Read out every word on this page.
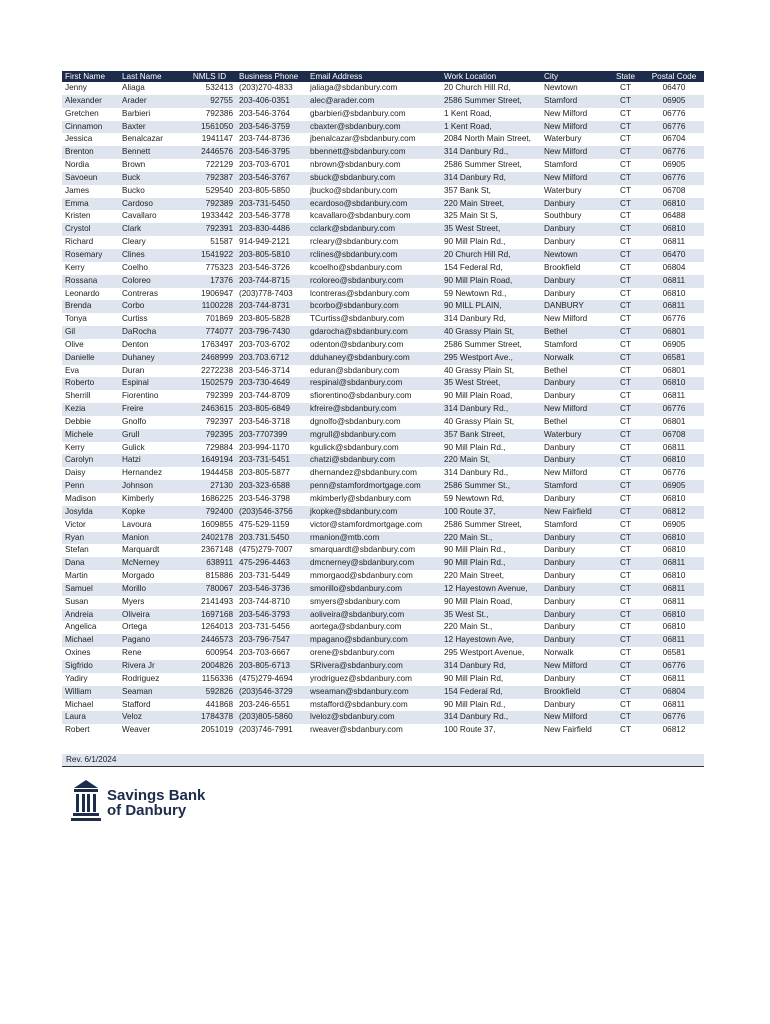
First Name	Last Name	NMLS ID	Business Phone	Email Address	Work Location	City	State	Postal Code
Jenny	Aliaga	532413	(203)270-4833	jaliaga@sbdanbury.com	20 Church Hill Rd,	Newtown	CT	06470
Alexander	Arader	92755	203-406-0351	alec@arader.com	2586 Summer Street,	Stamford	CT	06905
Gretchen	Barbieri	792386	203-546-3764	gbarbieri@sbdanbury.com	1 Kent Road,	New Milford	CT	06776
Cinnamon	Baxter	1561050	203-546-3759	cbaxter@sbdanbury.com	1 Kent Road,	New Milford	CT	06776
Jessica	Benalcazar	1941147	203-744-8736	jbenalcazar@sbdanbury.com	2084 North Main Street,	Waterbury	CT	06704
Brenton	Bennett	2446576	203-546-3795	bbennett@sbdanbury.com	314 Danbury Rd.,	New Milford	CT	06776
Nordia	Brown	722129	203-703-6701	nbrown@sbdanbury.com	2586 Summer Street,	Stamford	CT	06905
Savoeun	Buck	792387	203-546-3767	sbuck@sbdanbury.com	314 Danbury Rd,	New Milford	CT	06776
James	Bucko	529540	203-805-5850	jbucko@sbdanbury.com	357 Bank St,	Waterbury	CT	06708
Emma	Cardoso	792389	203-731-5450	ecardoso@sbdanbury.com	220 Main Street,	Danbury	CT	06810
Kristen	Cavallaro	1933442	203-546-3778	kcavallaro@sbdanbury.com	325 Main St S,	Southbury	CT	06488
Crystol	Clark	792391	203-830-4486	cclark@sbdanbury.com	35 West Street,	Danbury	CT	06810
Richard	Cleary	51587	914-949-2121	rcleary@sbdanbury.com	90 Mill Plain Rd.,	Danbury	CT	06811
Rosemary	Clines	1541922	203-805-5810	rclines@sbdanbury.com	20 Church Hill Rd,	Newtown	CT	06470
Kerry	Coelho	775323	203-546-3726	kcoelho@sbdanbury.com	154 Federal Rd,	Brookfield	CT	06804
Rossana	Coloreo	17376	203-744-8715	rcoloreo@sbdanbury.com	90 Mill Plain Road,	Danbury	CT	06811
Leonardo	Contreras	1906947	(203)778-7403	lcontreras@sbdanbury.com	59 Newtown Rd.,	Danbury	CT	06810
Brenda	Corbo	1100228	203-744-8731	bcorbo@sbdanbury.com	90 MILL PLAIN,	DANBURY	CT	06811
Tonya	Curtiss	701869	203-805-5828	TCurtiss@sbdanbury.com	314 Danbury Rd,	New Milford	CT	06776
Gil	DaRocha	774077	203-796-7430	gdarocha@sbdanbury.com	40 Grassy Plain St,	Bethel	CT	06801
Olive	Denton	1763497	203-703-6702	odenton@sbdanbury.com	2586 Summer Street,	Stamford	CT	06905
Danielle	Duhaney	2468999	203.703.6712	dduhaney@sbdanbury.com	295 Westport Ave.,	Norwalk	CT	06581
Eva	Duran	2272238	203-546-3714	eduran@sbdanbury.com	40 Grassy Plain St,	Bethel	CT	06801
Roberto	Espinal	1502579	203-730-4649	respinal@sbdanbury.com	35 West Street,	Danbury	CT	06810
Sherrill	Fiorentino	792399	203-744-8709	sfiorentino@sbdanbury.com	90 Mill Plain Road,	Danbury	CT	06811
Kezia	Freire	2463615	203-805-6849	kfreire@sbdanbury.com	314 Danbury Rd.,	New Milford	CT	06776
Debbie	Gnolfo	792397	203-546-3718	dgnolfo@sbdanbury.com	40 Grassy Plain St,	Bethel	CT	06801
Michele	Grull	792395	203-7707399	mgrull@sbdanbury.com	357 Bank Street,	Waterbury	CT	06708
Kerry	Gulick	729884	203-994-1170	kgulick@sbdanbury.com	90 Mill Plain Rd.,	Danbury	CT	06811
Carolyn	Hatzi	1649194	203-731-5451	chatzi@sbdanbury.com	220 Main St,	Danbury	CT	06810
Daisy	Hernandez	1944458	203-805-5877	dhernandez@sbdanbury.com	314 Danbury Rd.,	New Milford	CT	06776
Penn	Johnson	27130	203-323-6588	penn@stamfordmortgage.com	2586 Summer St.,	Stamford	CT	06905
Madison	Kimberly	1686225	203-546-3798	mkimberly@sbdanbury.com	59 Newtown Rd,	Danbury	CT	06810
Josylda	Kopke	792400	(203)546-3756	jkopke@sbdanbury.com	100 Route 37,	New Fairfield	CT	06812
Victor	Lavoura	1609855	475-529-1159	victor@stamfordmortgage.com	2586 Summer Street,	Stamford	CT	06905
Ryan	Manion	2402178	203.731.5450	rmanion@mtb.com	220 Main St.,	Danbury	CT	06810
Stefan	Marquardt	2367148	(475)279-7007	smarquardt@sbdanbury.com	90 Mill Plain Rd.,	Danbury	CT	06810
Dana	McNerney	638911	475-296-4463	dmcnerney@sbdanbury.com	90 Mill Plain Rd.,	Danbury	CT	06811
Martin	Morgado	815886	203-731-5449	mmorgaod@sbdanbury.com	220 Main Street,	Danbury	CT	06810
Samuel	Morillo	780067	203-546-3736	smorillo@sbdanbury.com	12 Hayestown Avenue,	Danbury	CT	06811
Susan	Myers	2141493	203-744-8710	smyers@sbdanbury.com	90 Mill Plain Road,	Danbury	CT	06811
Andreia	Oliveira	1697168	203-546-3793	aoliveira@sbdanbury.com	35 West St.,	Danbury	CT	06810
Angelica	Ortega	1264013	203-731-5456	aortega@sbdanbury.com	220 Main St.,	Danbury	CT	06810
Michael	Pagano	2446573	203-796-7547	mpagano@sbdanbury.com	12 Hayestown Ave,	Danbury	CT	06811
Oxines	Rene	600954	203-703-6667	orene@sbdanbury.com	295 Westport Avenue,	Norwalk	CT	06581
Sigfrido	Rivera Jr	2004826	203-805-6713	SRivera@sbdanbury.com	314 Danbury Rd,	New Milford	CT	06776
Yadiry	Rodriguez	1156336	(475)279-4694	yrodriguez@sbdanbury.com	90 Mill Plain Rd,	Danbury	CT	06811
William	Seaman	592826	(203)546-3729	wseaman@sbdanbury.com	154 Federal Rd,	Brookfield	CT	06804
Michael	Stafford	441868	203-246-6551	mstafford@sbdanbury.com	90 Mill Plain Rd.,	Danbury	CT	06811
Laura	Veloz	1784378	(203)805-5860	lveloz@sbdanbury.com	314 Danbury Rd.,	New Milford	CT	06776
Robert	Weaver	2051019	(203)746-7991	rweaver@sbdanbury.com	100 Route 37,	New Fairfield	CT	06812
Rev. 6/1/2024
Savings Bank
of Danbury
